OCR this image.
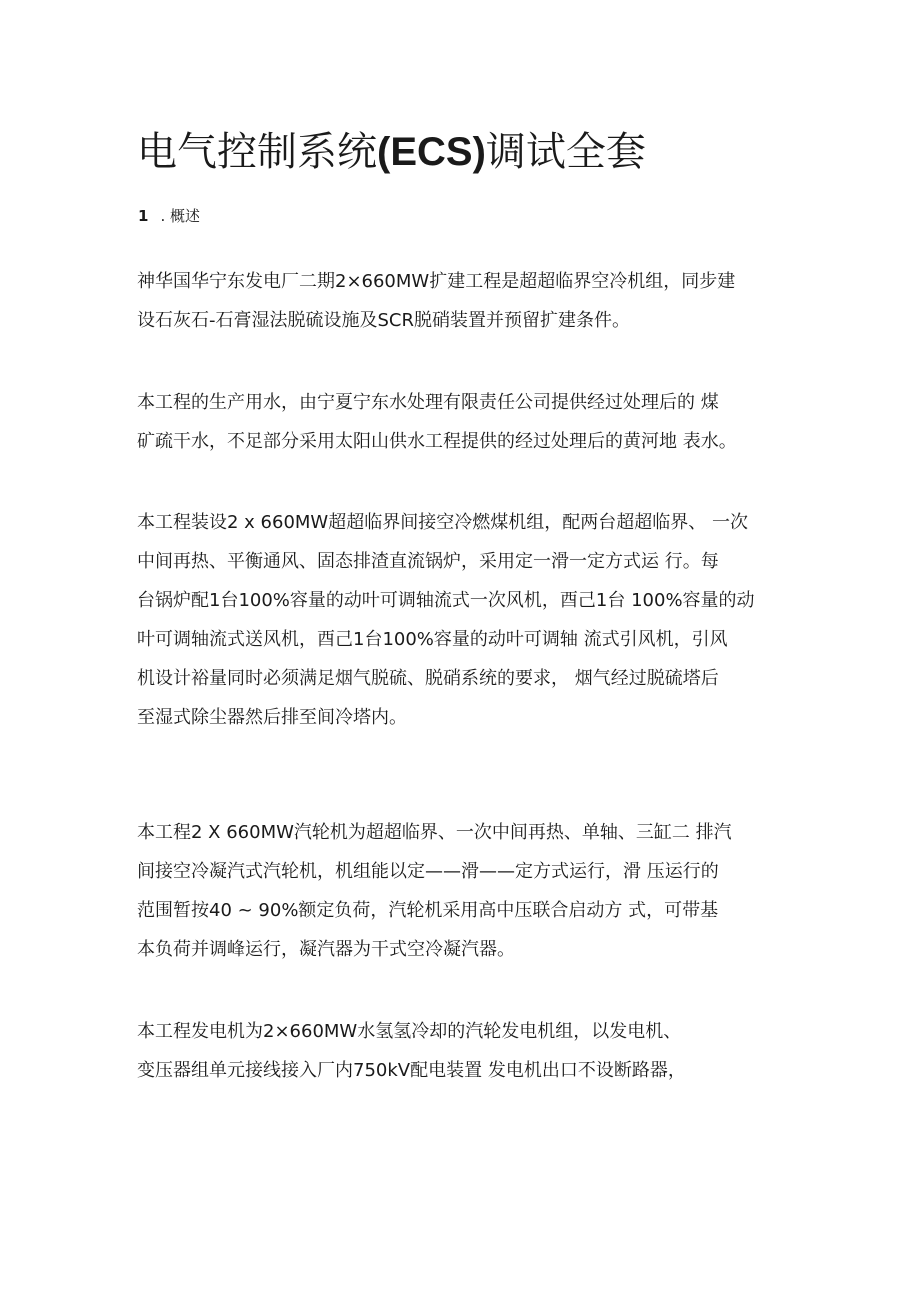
电气控制系统(ECS)调试全套
1 . 概述

神华国华宁东发电厂二期2×660MW扩建工程是超超临界空冷机组，同步建
设石灰石-石膏湿法脱硫设施及SCR脱硝装置并预留扩建条件。

本工程的生产用水，由宁夏宁东水处理有限责任公司提供经过处理后的 煤
矿疏干水，不足部分采用太阳山供水工程提供的经过处理后的黄河地 表水。

本工程装设2 x 660MW超超临界间接空冷燃煤机组，配两台超超临界、 一次
中间再热、平衡通风、固态排渣直流锅炉，采用定一滑一定方式运 行。每
台锅炉配1台100%容量的动叶可调轴流式一次风机，酉己1台 100%容量的动
叶可调轴流式送风机，酉己1台100%容量的动叶可调轴 流式引风机，引风
机设计裕量同时必须满足烟气脱硫、脱硝系统的要求， 烟气经过脱硫塔后
至湿式除尘器然后排至间冷塔内。

本工程2 X 660MW汽轮机为超超临界、一次中间再热、单轴、三缸二 排汽
间接空冷凝汽式汽轮机，机组能以定——滑——定方式运行，滑 压运行的
范围暂按40 ~ 90%额定负荷，汽轮机采用高中压联合启动方 式，可带基
本负荷并调峰运行，凝汽器为干式空冷凝汽器。

本工程发电机为2×660MW水氢氢冷却的汽轮发电机组，以发电机、
变压器组单元接线接入厂内750kV配电装置 发电机出口不设断路器，
